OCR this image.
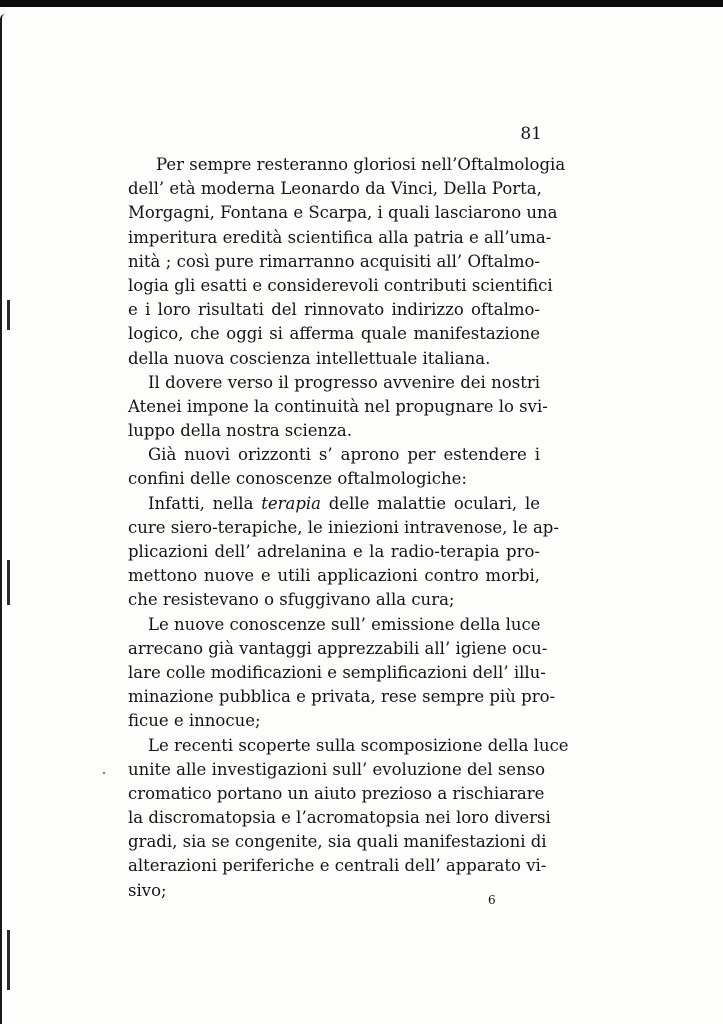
81

Per sempre resteranno gloriosi nell’Oftalmologia
dell’ età moderna Leonardo da Vinci, Della Porta,
Morgagni, Fontana e Scarpa, i quali lasciarono una
imperitura eredità scientifica alla patria e all’uma-
nità ; così pure rimarranno acquisiti all’ Oftalmo-
logia gli esatti e considerevoli contributi scientifici
e i loro risultati del rinnovato indirizzo oftalmo-
logico, che oggi si afferma quale manifestazione
della nuova coscienza intellettuale italiana.
Il dovere verso il progresso avvenire dei nostri
Atenei impone la continuità nel propugnare lo svi-
luppo della nostra scienza.
Già nuovi orizzonti s’ aprono per estendere i
confini delle conoscenze oftalmologiche:
Infatti, nella terapia delle malattie oculari, le
cure siero-terapiche, le iniezioni intravenose, le ap-
plicazioni dell’ adrelanina e la radio-terapia pro-
mettono nuove e utili applicazioni contro morbi,
che resistevano o sfuggivano alla cura;
Le nuove conoscenze sull’ emissione della luce
arrecano già vantaggi apprezzabili all’ igiene ocu-
lare colle modificazioni e semplificazioni dell’ illu-
minazione pubblica e privata, rese sempre più pro-
ficue e innocue;
Le recenti scoperte sulla scomposizione della luce
unite alle investigazioni sull’ evoluzione del senso
cromatico portano un aiuto prezioso a rischiarare
la discromatopsia e l’acromatopsia nei loro diversi
gradi, sia se congenite, sia quali manifestazioni di
alterazioni periferiche e centrali dell’ apparato vi-
sivo;
6
